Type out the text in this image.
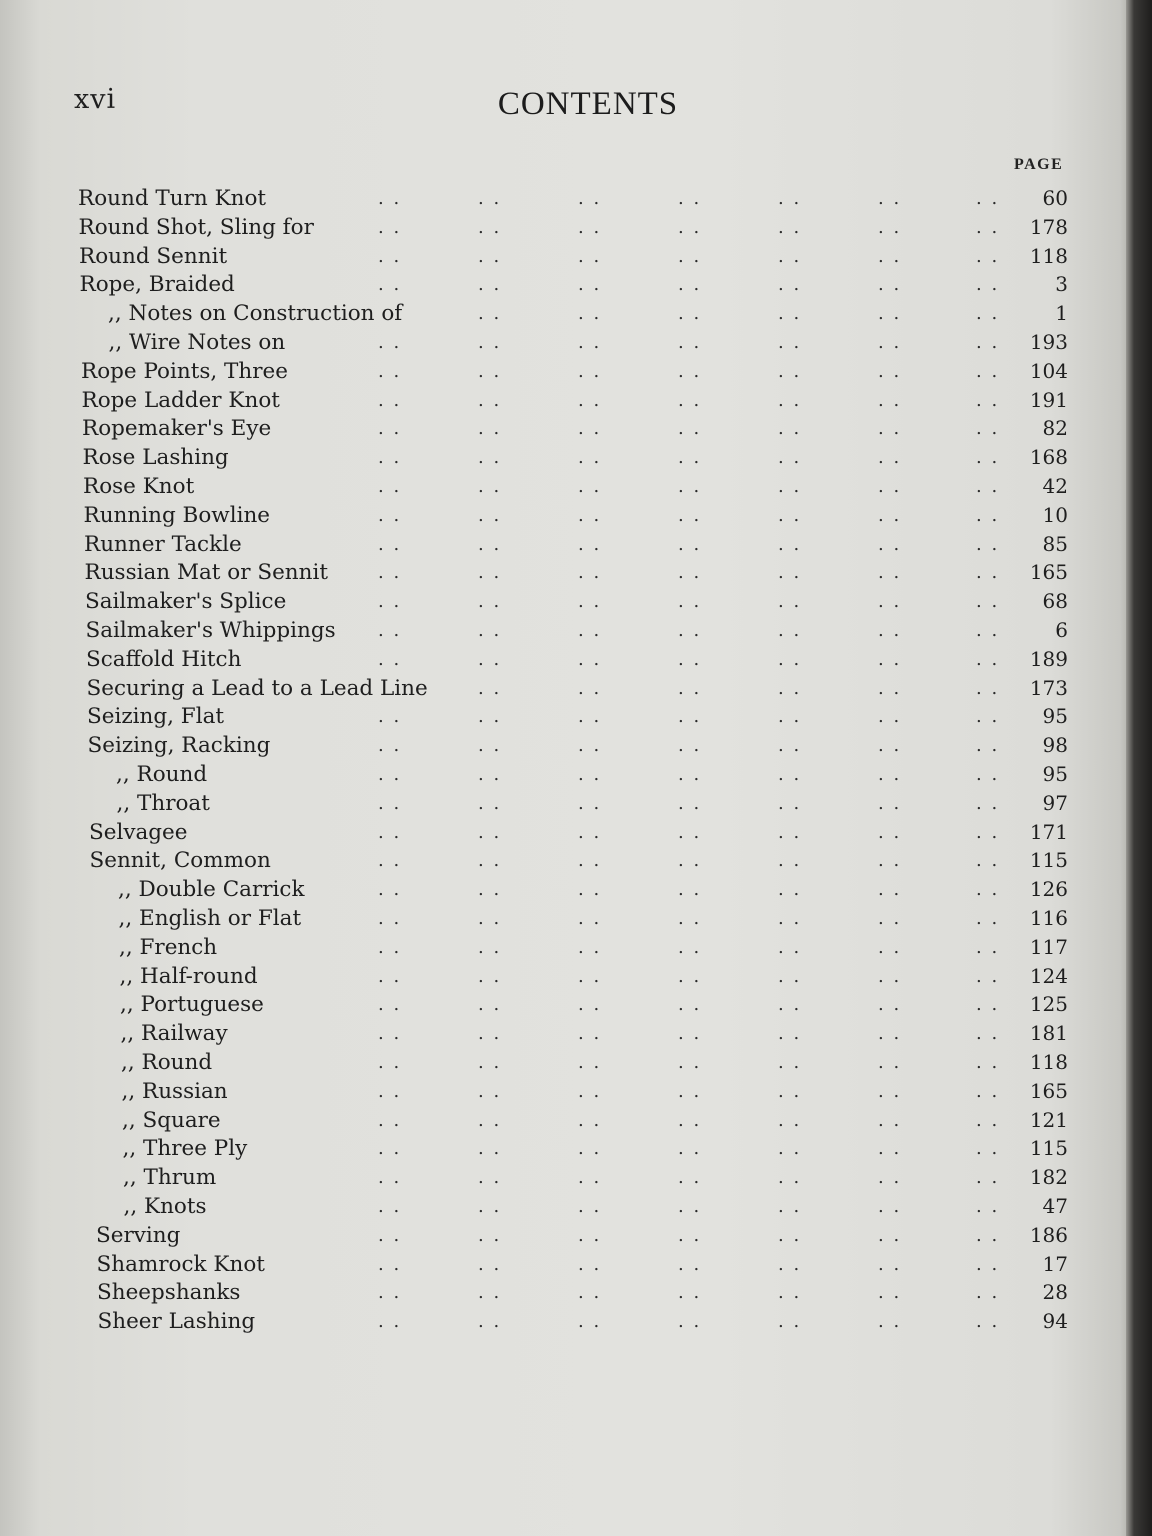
xvi	CONTENTS
PAGE
Round Turn Knot	. .	. .	. .	. .	. .	. .	. . 60
Round Shot, Sling for	. .	. .	. .	. .	. .	. .	. . 178
Round Sennit	. .	. .	. .	. .	. .	. .	. . 118
Rope, Braided	. .	. .	. .	. .	. .	. .	. .	3
,, Notes on Construction of	. .	. .	. .	. .	. .	. .	1
,, Wire Notes on	. .	. .	. .	. .	. .	. .	. . 193
Rope Points, Three	. .	. .	. .	. .	. .	. .	. . 104
Rope Ladder Knot	. .	. .	. .	. .	. .	. .	. . 191
Ropemaker's Eye	. .	. .	. .	. .	. .	. .	. . 82
Rose Lashing	. .	. .	. .	. .	. .	. .	. . 168
Rose Knot	. .	. .	. .	. .	. .	. .	. . 42
Running Bowline	. .	. .	. .	. .	. .	. .	. . 10
Runner Tackle	. .	. .	. .	. .	. .	. .	. . 85
Russian Mat or Sennit	. .	. .	. .	. .	. .	. .	. . 165
Sailmaker's Splice	. .	. .	. .	. .	. .	. .	. . 68
Sailmaker's Whippings . .	. .	. .	. .	. .	. .	. .	6
Scaffold Hitch	. .	. .	. .	. .	. .	. .	. . 189
Securing a Lead to a Lead Line	. .	. .	. .	. .	. .	. . 173
Seizing, Flat	. .	. .	. .	. .	. .	. .	. . 95
Seizing, Racking	. .	. .	. .	. .	. .	. .	. . 98
,, Round	. .	. .	. .	. .	. .	. .	. . 95
,, Throat	. .	. .	. .	. .	. .	. .	. . 97
Selvagee	. .	. .	. .	. .	. .	. .	. . 171
Sennit, Common	. .	. .	. .	. .	. .	. .	. . 115
,, Double Carrick	. .	. .	. .	. .	. .	. .	. . 126
,, English or Flat	. .	. .	. .	. .	. .	. .	. . 116
,, French	. .	. .	. .	. .	. .	. .	. . 117
,, Half-round	. .	. .	. .	. .	. .	. .	. . 124
,, Portuguese	. .	. .	. .	. .	. .	. .	. . 125
,, Railway	. .	. .	. .	. .	. .	. .	. . 181
,, Round	. .	. .	. .	. .	. .	. .	. . 118
,, Russian	. .	. .	. .	. .	. .	. .	. . 165
,, Square	. .	. .	. .	. .	. .	. .	. . 121
,, Three Ply	. .	. .	. .	. .	. .	. .	. . 115
,, Thrum	. .	. .	. .	. .	. .	. .	. . 182
,, Knots	. .	. .	. .	. .	. .	. .	. . 47
Serving	. .	. .	. .	. .	. .	. .	. . 186
Shamrock Knot	. .	. .	. .	. .	. .	. .	. . 17
Sheepshanks	. .	. .	. .	. .	. .	. .	. . 28
Sheer Lashing	. .	. .	. .	. .	. .	. .	. . 94
